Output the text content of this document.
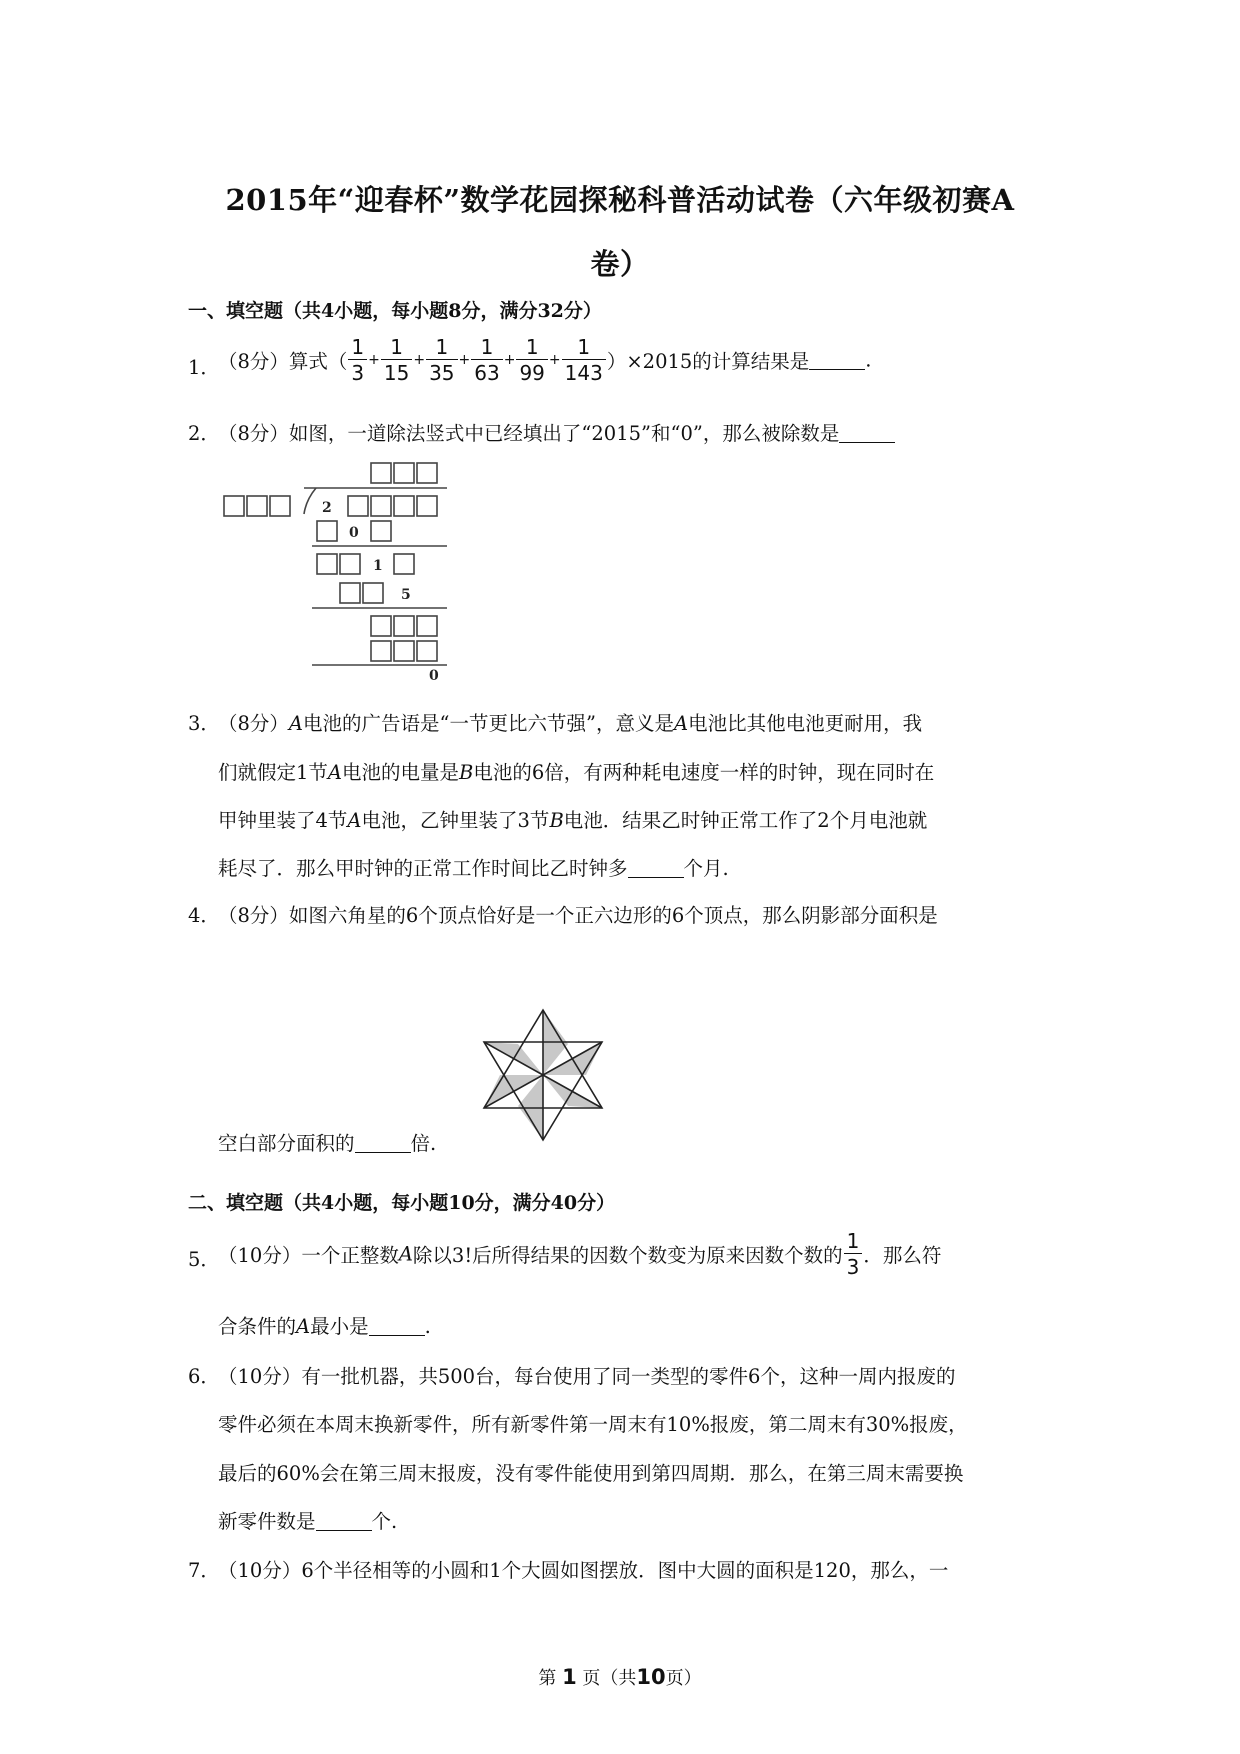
2015年“迎春杯”数学花园探秘科普活动试卷（六年级初赛A
卷）
一、填空题（共4小题，每小题8分，满分32分）
1．
（8分）算式（ $\frac{1}{3} + \frac{1}{15} + \frac{1}{35} + \frac{1}{63} + \frac{1}{99} + \frac{1}{143} )\times 2015$的计算结果是	.
2．
（8分）如图，一道除法竖式中已经填出了“2015”和“0”，那么被除数是
2
0
1
5
0
3．
（8分）A电池的广告语是“一节更比六节强”，意义是A电池比其他电池更耐用，我
们就假定1节A电池的电量是B电池的6倍，有两种耗电速度一样的时钟，现在同时在
甲钟里装了4节A电池，乙钟里装了3节B电池．结果乙时钟正常工作了2个月电池就
耗尽了．那么甲时钟的正常工作时间比乙时钟多	个月.
4．
（8分）如图六角星的6个顶点恰好是一个正六边形的6个顶点，那么阴影部分面积是
空白部分面积的	倍.
二、填空题（共4小题，每小题10分，满分40分）
5．
（10分）一个正整数A除以3!后所得结果的因数个数变为原来因数个数的 $\frac{1}{3}$ ．那么符
合条件的A最小是	.
6．
（10分）有一批机器，共500台，每台使用了同一类型的零件6个，这种一周内报废的
零件必须在本周末换新零件，所有新零件第一周末有10%报废，第二周末有30%报废，
最后的60%会在第三周末报废，没有零件能使用到第四周期．那么，在第三周末需要换
新零件数是	个.
7．
（10分）6个半径相等的小圆和1个大圆如图摆放．图中大圆的面积是120，那么，一
第 1 页（共10页）
